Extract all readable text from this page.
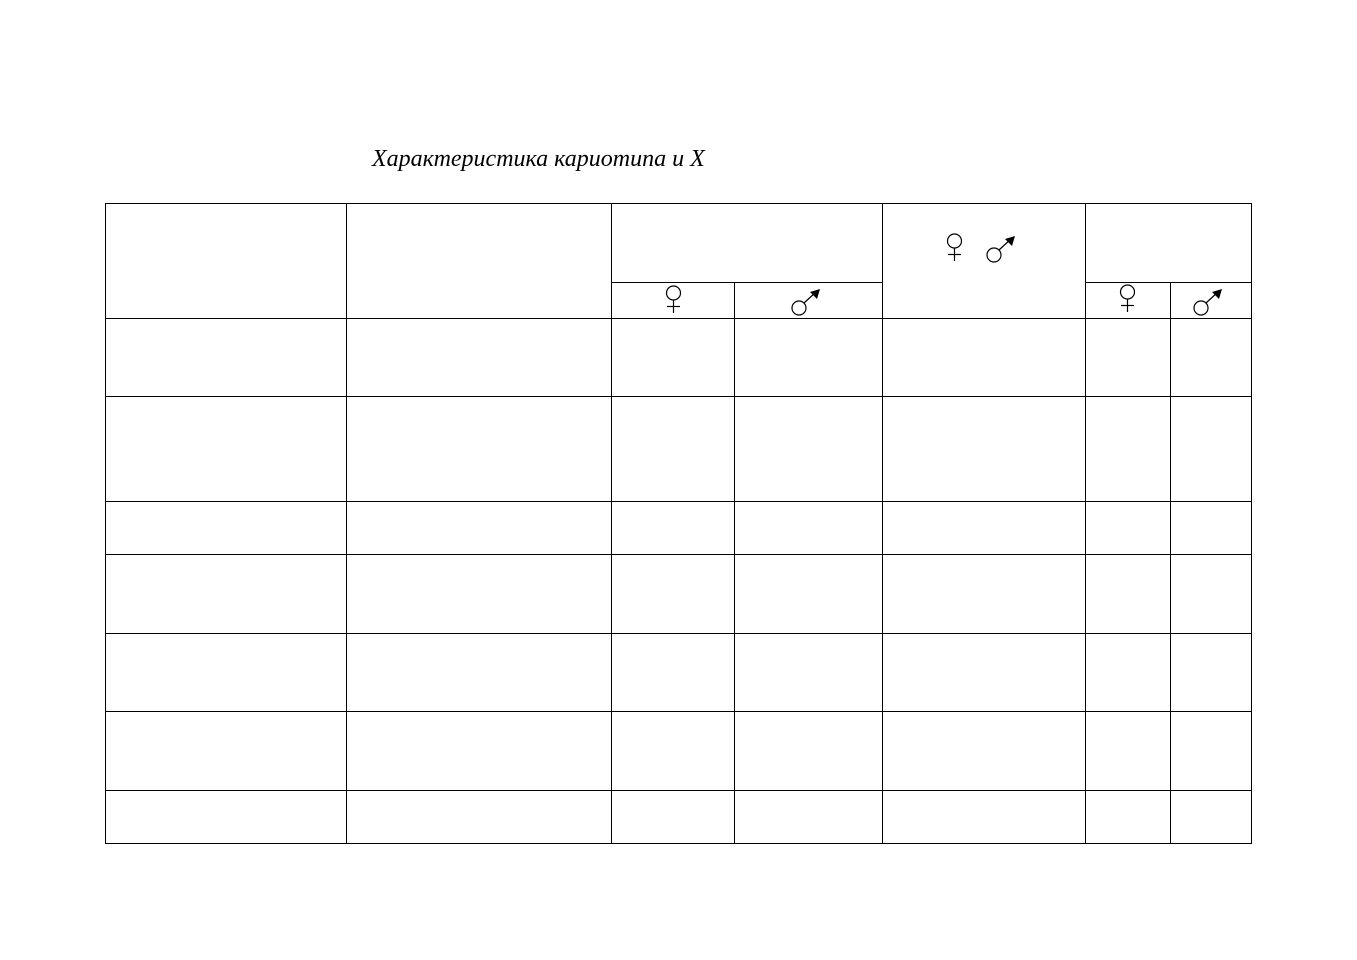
Характеристика кариотипа и X
